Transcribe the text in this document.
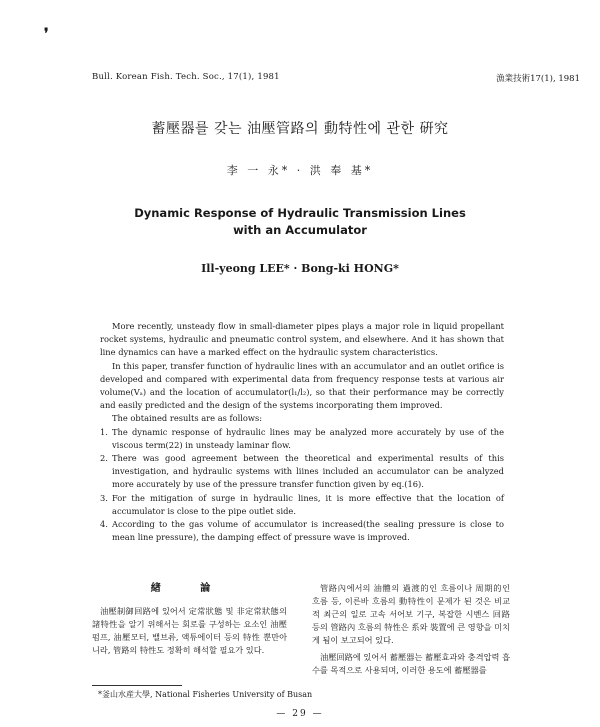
❜
Bull. Korean Fish. Tech. Soc., 17(1), 1981	漁業技術17(1), 1981
蓄壓器를 갖는 油壓管路의 動特性에 관한 硏究
李 一 永* · 洪 奉 基*
Dynamic Response of Hydraulic Transmission Lines with an Accumulator
Ill-yeong LEE* · Bong-ki HONG*

More recently, unsteady flow in small-diameter pipes plays a major role in liquid propellant rocket systems, hydraulic and pneumatic control system, and elsewhere. And it has shown that line dynamics can have a marked effect on the hydraulic system characteristics.

In this paper, transfer function of hydraulic lines with an accumulator and an outlet orifice is developed and compared with experimental data from frequency response tests at various air volume(Vₐ) and the location of accumulator(l₁/l₂), so that their performance may be correctly and easily predicted and the design of the systems incorporating them improved.

The obtained results are as follows:

1. The dynamic response of hydraulic lines may be analyzed more accurately by use of the viscous term(22) in unsteady laminar flow.
2. There was good agreement between the theoretical and experimental results of this investigation, and hydraulic systems with liines included an accumulator can be analyzed more accurately by use of the pressure transfer function given by eq.(16).
3. For the mitigation of surge in hydraulic lines, it is more effective that the location of accumulator is close to the pipe outlet side.
4. According to the gas volume of accumulator is increased(the sealing pressure is close to mean line pressure), the damping effect of pressure wave is improved.
緖 論

油壓制御回路에 있어서 定常狀態 및 非定常狀態의 諸特性을 알기 위해서는 회로를 구성하는 요소인 油壓펌프, 油壓모터, 밸브류, 액튜에이터 등의 特性 뿐만아니라, 管路의 特性도 정확히 해석할 필요가 있다.

管路內에서의 油體의 過渡的인 흐름이나 周期的인 흐름 등, 이른바 흐름의 動特性이 문제가 된 것은 비교적 최근의 일로 고속 서어보 기구, 복잡한 시벤스 回路 등의 管路內 흐름의 特性은 系와 裝置에 큰 영향을 미치게 됨이 보고되어 있다.

油壓回路에 있어서 蓄壓器는 蓄壓효과와 충격압력 흡수를 목적으로 사용되며, 이러한 용도에 蓄壓器를

*釜山水産大學, National Fisheries University of Busan
— 29 —
